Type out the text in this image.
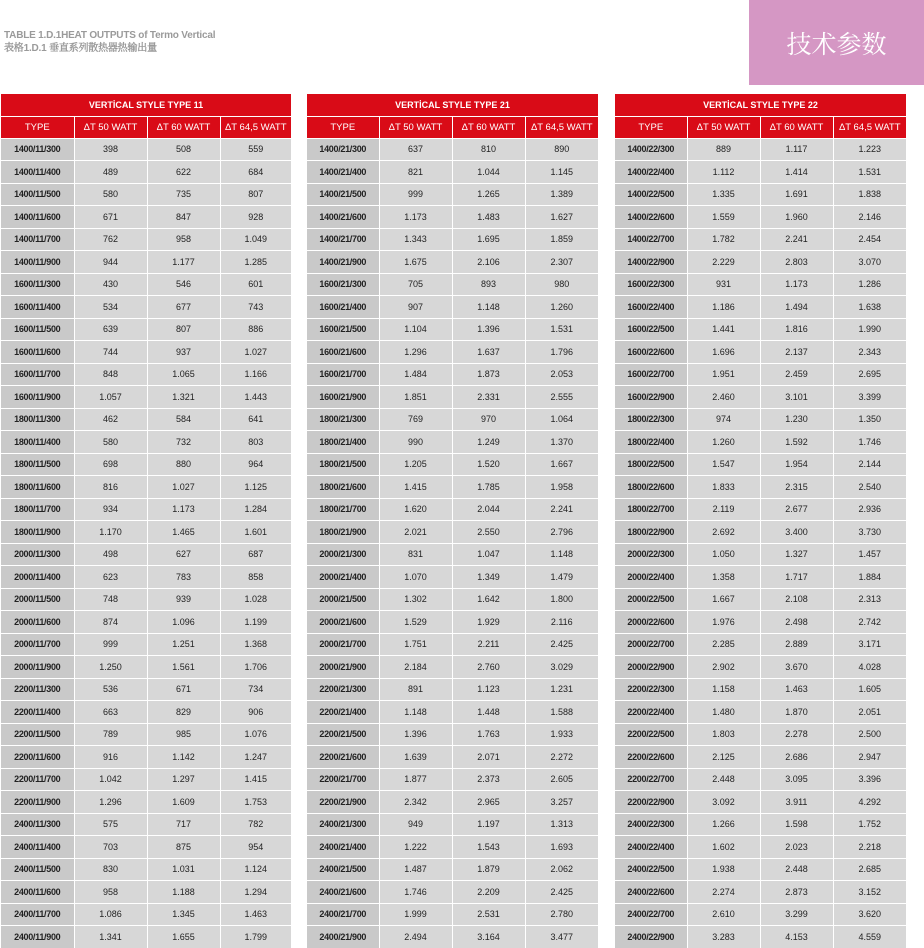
TABLE 1.D.1HEAT OUTPUTS of Termo Vertical
表格1.D.1 垂直系列散热器热输出量	技术参数
VERTİCAL STYLE TYPE 11			
TYPE	ΔT 50 WATT	ΔT 60 WATT	ΔT 64,5 WATT
1400/11/300	398	508	559
1400/11/400	489	622	684
1400/11/500	580	735	807
1400/11/600	671	847	928
1400/11/700	762	958	1.049
1400/11/900	944	1.177	1.285
1600/11/300	430	546	601
1600/11/400	534	677	743
1600/11/500	639	807	886
1600/11/600	744	937	1.027
1600/11/700	848	1.065	1.166
1600/11/900	1.057	1.321	1.443
1800/11/300	462	584	641
1800/11/400	580	732	803
1800/11/500	698	880	964
1800/11/600	816	1.027	1.125
1800/11/700	934	1.173	1.284
1800/11/900	1.170	1.465	1.601
2000/11/300	498	627	687
2000/11/400	623	783	858
2000/11/500	748	939	1.028
2000/11/600	874	1.096	1.199
2000/11/700	999	1.251	1.368
2000/11/900	1.250	1.561	1.706
2200/11/300	536	671	734
2200/11/400	663	829	906
2200/11/500	789	985	1.076
2200/11/600	916	1.142	1.247
2200/11/700	1.042	1.297	1.415
2200/11/900	1.296	1.609	1.753
2400/11/300	575	717	782
2400/11/400	703	875	954
2400/11/500	830	1.031	1.124
2400/11/600	958	1.188	1.294
2400/11/700	1.086	1.345	1.463
2400/11/900	1.341	1.655	1.799
VERTİCAL STYLE TYPE 21			
TYPE	ΔT 50 WATT	ΔT 60 WATT	ΔT 64,5 WATT
1400/21/300	637	810	890
1400/21/400	821	1.044	1.145
1400/21/500	999	1.265	1.389
1400/21/600	1.173	1.483	1.627
1400/21/700	1.343	1.695	1.859
1400/21/900	1.675	2.106	2.307
1600/21/300	705	893	980
1600/21/400	907	1.148	1.260
1600/21/500	1.104	1.396	1.531
1600/21/600	1.296	1.637	1.796
1600/21/700	1.484	1.873	2.053
1600/21/900	1.851	2.331	2.555
1800/21/300	769	970	1.064
1800/21/400	990	1.249	1.370
1800/21/500	1.205	1.520	1.667
1800/21/600	1.415	1.785	1.958
1800/21/700	1.620	2.044	2.241
1800/21/900	2.021	2.550	2.796
2000/21/300	831	1.047	1.148
2000/21/400	1.070	1.349	1.479
2000/21/500	1.302	1.642	1.800
2000/21/600	1.529	1.929	2.116
2000/21/700	1.751	2.211	2.425
2000/21/900	2.184	2.760	3.029
2200/21/300	891	1.123	1.231
2200/21/400	1.148	1.448	1.588
2200/21/500	1.396	1.763	1.933
2200/21/600	1.639	2.071	2.272
2200/21/700	1.877	2.373	2.605
2200/21/900	2.342	2.965	3.257
2400/21/300	949	1.197	1.313
2400/21/400	1.222	1.543	1.693
2400/21/500	1.487	1.879	2.062
2400/21/600	1.746	2.209	2.425
2400/21/700	1.999	2.531	2.780
2400/21/900	2.494	3.164	3.477
VERTİCAL STYLE TYPE 22			
TYPE	ΔT 50 WATT	ΔT 60 WATT	ΔT 64,5 WATT
1400/22/300	889	1.117	1.223
1400/22/400	1.112	1.414	1.531
1400/22/500	1.335	1.691	1.838
1400/22/600	1.559	1.960	2.146
1400/22/700	1.782	2.241	2.454
1400/22/900	2.229	2.803	3.070
1600/22/300	931	1.173	1.286
1600/22/400	1.186	1.494	1.638
1600/22/500	1.441	1.816	1.990
1600/22/600	1.696	2.137	2.343
1600/22/700	1.951	2.459	2.695
1600/22/900	2.460	3.101	3.399
1800/22/300	974	1.230	1.350
1800/22/400	1.260	1.592	1.746
1800/22/500	1.547	1.954	2.144
1800/22/600	1.833	2.315	2.540
1800/22/700	2.119	2.677	2.936
1800/22/900	2.692	3.400	3.730
2000/22/300	1.050	1.327	1.457
2000/22/400	1.358	1.717	1.884
2000/22/500	1.667	2.108	2.313
2000/22/600	1.976	2.498	2.742
2000/22/700	2.285	2.889	3.171
2000/22/900	2.902	3.670	4.028
2200/22/300	1.158	1.463	1.605
2200/22/400	1.480	1.870	2.051
2200/22/500	1.803	2.278	2.500
2200/22/600	2.125	2.686	2.947
2200/22/700	2.448	3.095	3.396
2200/22/900	3.092	3.911	4.292
2400/22/300	1.266	1.598	1.752
2400/22/400	1.602	2.023	2.218
2400/22/500	1.938	2.448	2.685
2400/22/600	2.274	2.873	3.152
2400/22/700	2.610	3.299	3.620
2400/22/900	3.283	4.153	4.559
